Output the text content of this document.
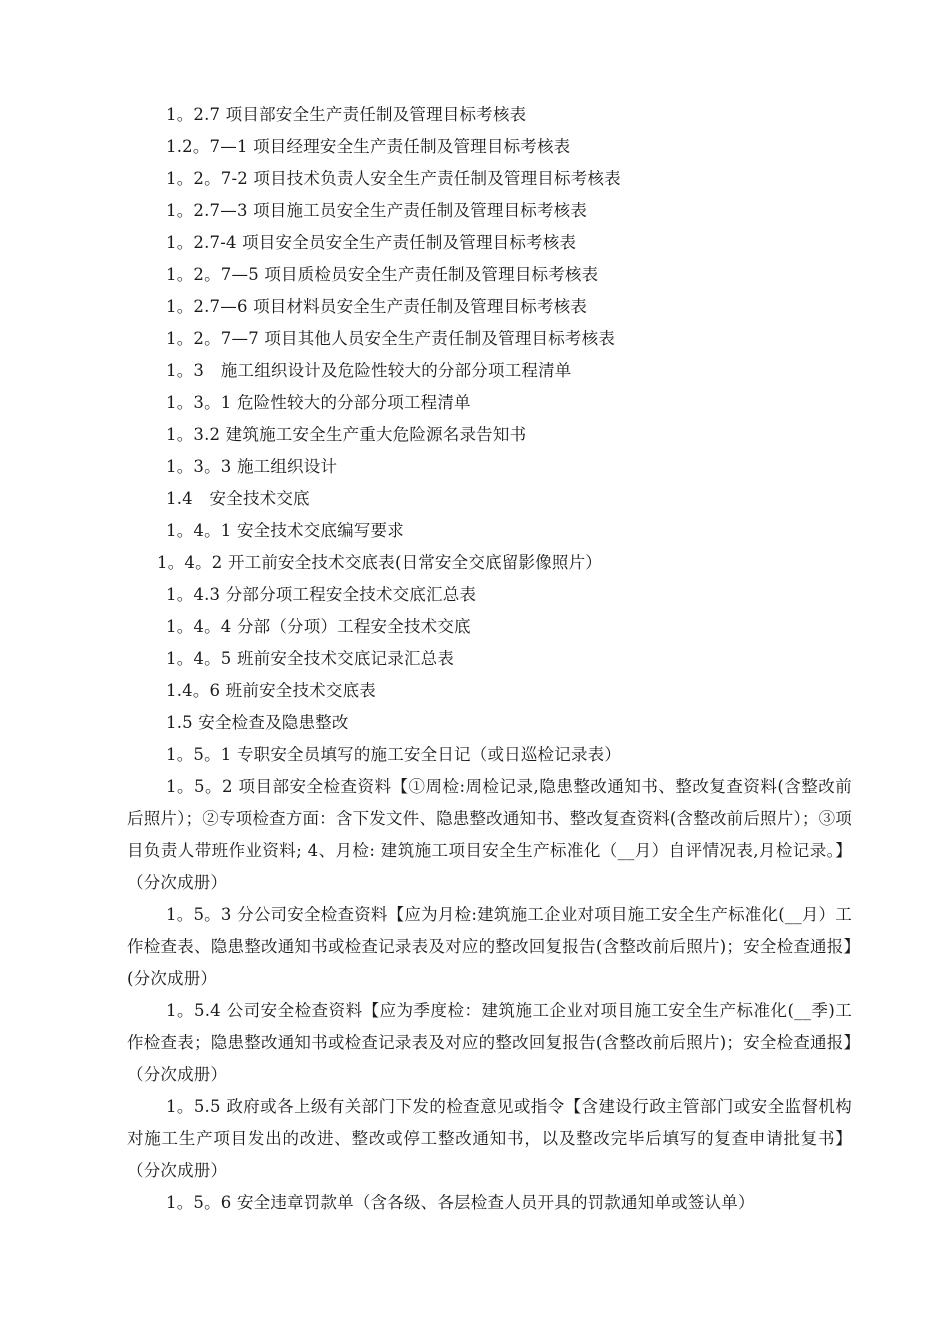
1。2.7 项目部安全生产责任制及管理目标考核表
1.2。7—1 项目经理安全生产责任制及管理目标考核表
1。2。7-2 项目技术负责人安全生产责任制及管理目标考核表
1。2.7—3 项目施工员安全生产责任制及管理目标考核表
1。2.7-4 项目安全员安全生产责任制及管理目标考核表
1。2。7—5 项目质检员安全生产责任制及管理目标考核表
1。2.7—6 项目材料员安全生产责任制及管理目标考核表
1。2。7—7 项目其他人员安全生产责任制及管理目标考核表
1。3　施工组织设计及危险性较大的分部分项工程清单
1。3。1 危险性较大的分部分项工程清单
1。3.2 建筑施工安全生产重大危险源名录告知书
1。3。3 施工组织设计
1.4　安全技术交底
1。4。1 安全技术交底编写要求
1。4。2 开工前安全技术交底表(日常安全交底留影像照片）
1。4.3 分部分项工程安全技术交底汇总表
1。4。4 分部（分项）工程安全技术交底
1。4。5 班前安全技术交底记录汇总表
1.4。6 班前安全技术交底表
1.5 安全检查及隐患整改
1。5。1 专职安全员填写的施工安全日记（或日巡检记录表）

1。5。2 项目部安全检查资料【①周检:周检记录,隐患整改通知书、整改复查资料(含整改前后照片）；②专项检查方面：含下发文件、隐患整改通知书、整改复查资料(含整改前后照片）；③项目负责人带班作业资料; 4、月检: 建筑施工项目安全生产标准化（__月）自评情况表,月检记录。】（分次成册）

1。5。3 分公司安全检查资料【应为月检:建筑施工企业对项目施工安全生产标准化(__月）工作检查表、隐患整改通知书或检查记录表及对应的整改回复报告(含整改前后照片)；安全检查通报】(分次成册）

1。5.4 公司安全检查资料【应为季度检：建筑施工企业对项目施工安全生产标准化(__季)工作检查表；隐患整改通知书或检查记录表及对应的整改回复报告(含整改前后照片)；安全检查通报】（分次成册）

1。5.5 政府或各上级有关部门下发的检查意见或指令【含建设行政主管部门或安全监督机构对施工生产项目发出的改进、整改或停工整改通知书，以及整改完毕后填写的复查申请批复书】（分次成册）

1。5。6 安全违章罚款单（含各级、各层检查人员开具的罚款通知单或签认单）
